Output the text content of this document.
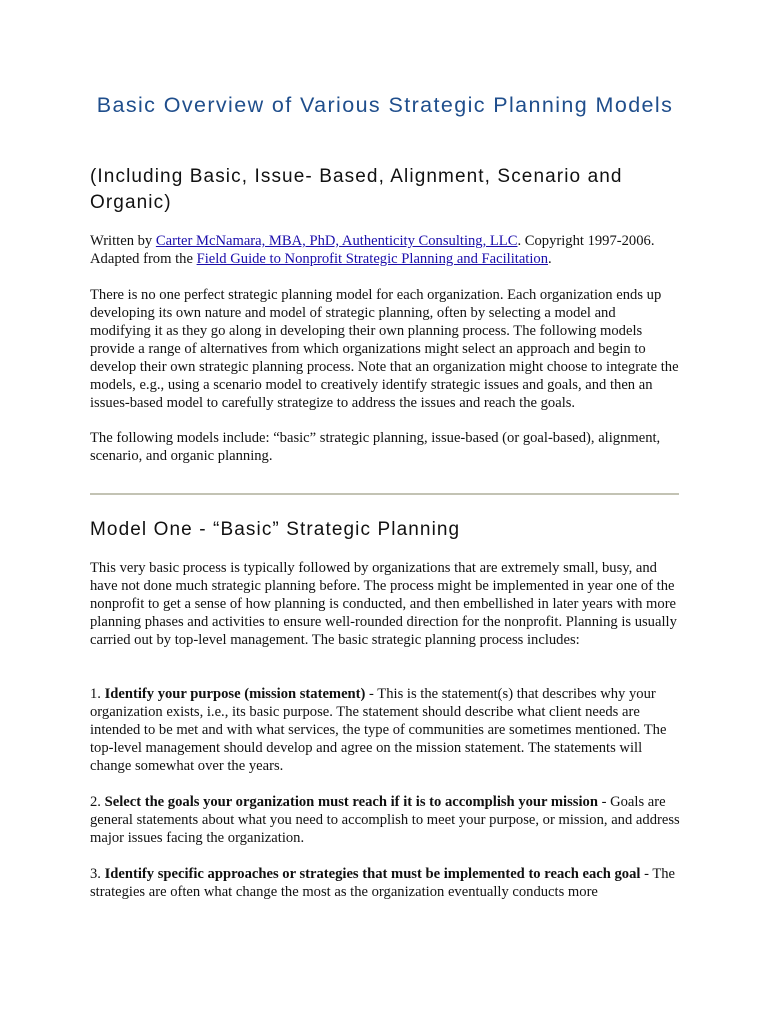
Basic Overview of Various Strategic Planning Models
(Including Basic, Issue- Based, Alignment, Scenario and Organic)

Written by Carter McNamara, MBA, PhD, Authenticity Consulting, LLC. Copyright 1997-2006. Adapted from the Field Guide to Nonprofit Strategic Planning and Facilitation.

There is no one perfect strategic planning model for each organization. Each organization ends up developing its own nature and model of strategic planning, often by selecting a model and modifying it as they go along in developing their own planning process. The following models provide a range of alternatives from which organizations might select an approach and begin to develop their own strategic planning process. Note that an organization might choose to integrate the models, e.g., using a scenario model to creatively identify strategic issues and goals, and then an issues-based model to carefully strategize to address the issues and reach the goals.

The following models include: “basic” strategic planning, issue-based (or goal-based), alignment, scenario, and organic planning.

Model One - “Basic” Strategic Planning

This very basic process is typically followed by organizations that are extremely small, busy, and have not done much strategic planning before. The process might be implemented in year one of the nonprofit to get a sense of how planning is conducted, and then embellished in later years with more planning phases and activities to ensure well-rounded direction for the nonprofit. Planning is usually carried out by top-level management. The basic strategic planning process includes:

1. Identify your purpose (mission statement) - This is the statement(s) that describes why your organization exists, i.e., its basic purpose. The statement should describe what client needs are intended to be met and with what services, the type of communities are sometimes mentioned. The top-level management should develop and agree on the mission statement. The statements will change somewhat over the years.

2. Select the goals your organization must reach if it is to accomplish your mission - Goals are general statements about what you need to accomplish to meet your purpose, or mission, and address major issues facing the organization.

3. Identify specific approaches or strategies that must be implemented to reach each goal - The strategies are often what change the most as the organization eventually conducts more
